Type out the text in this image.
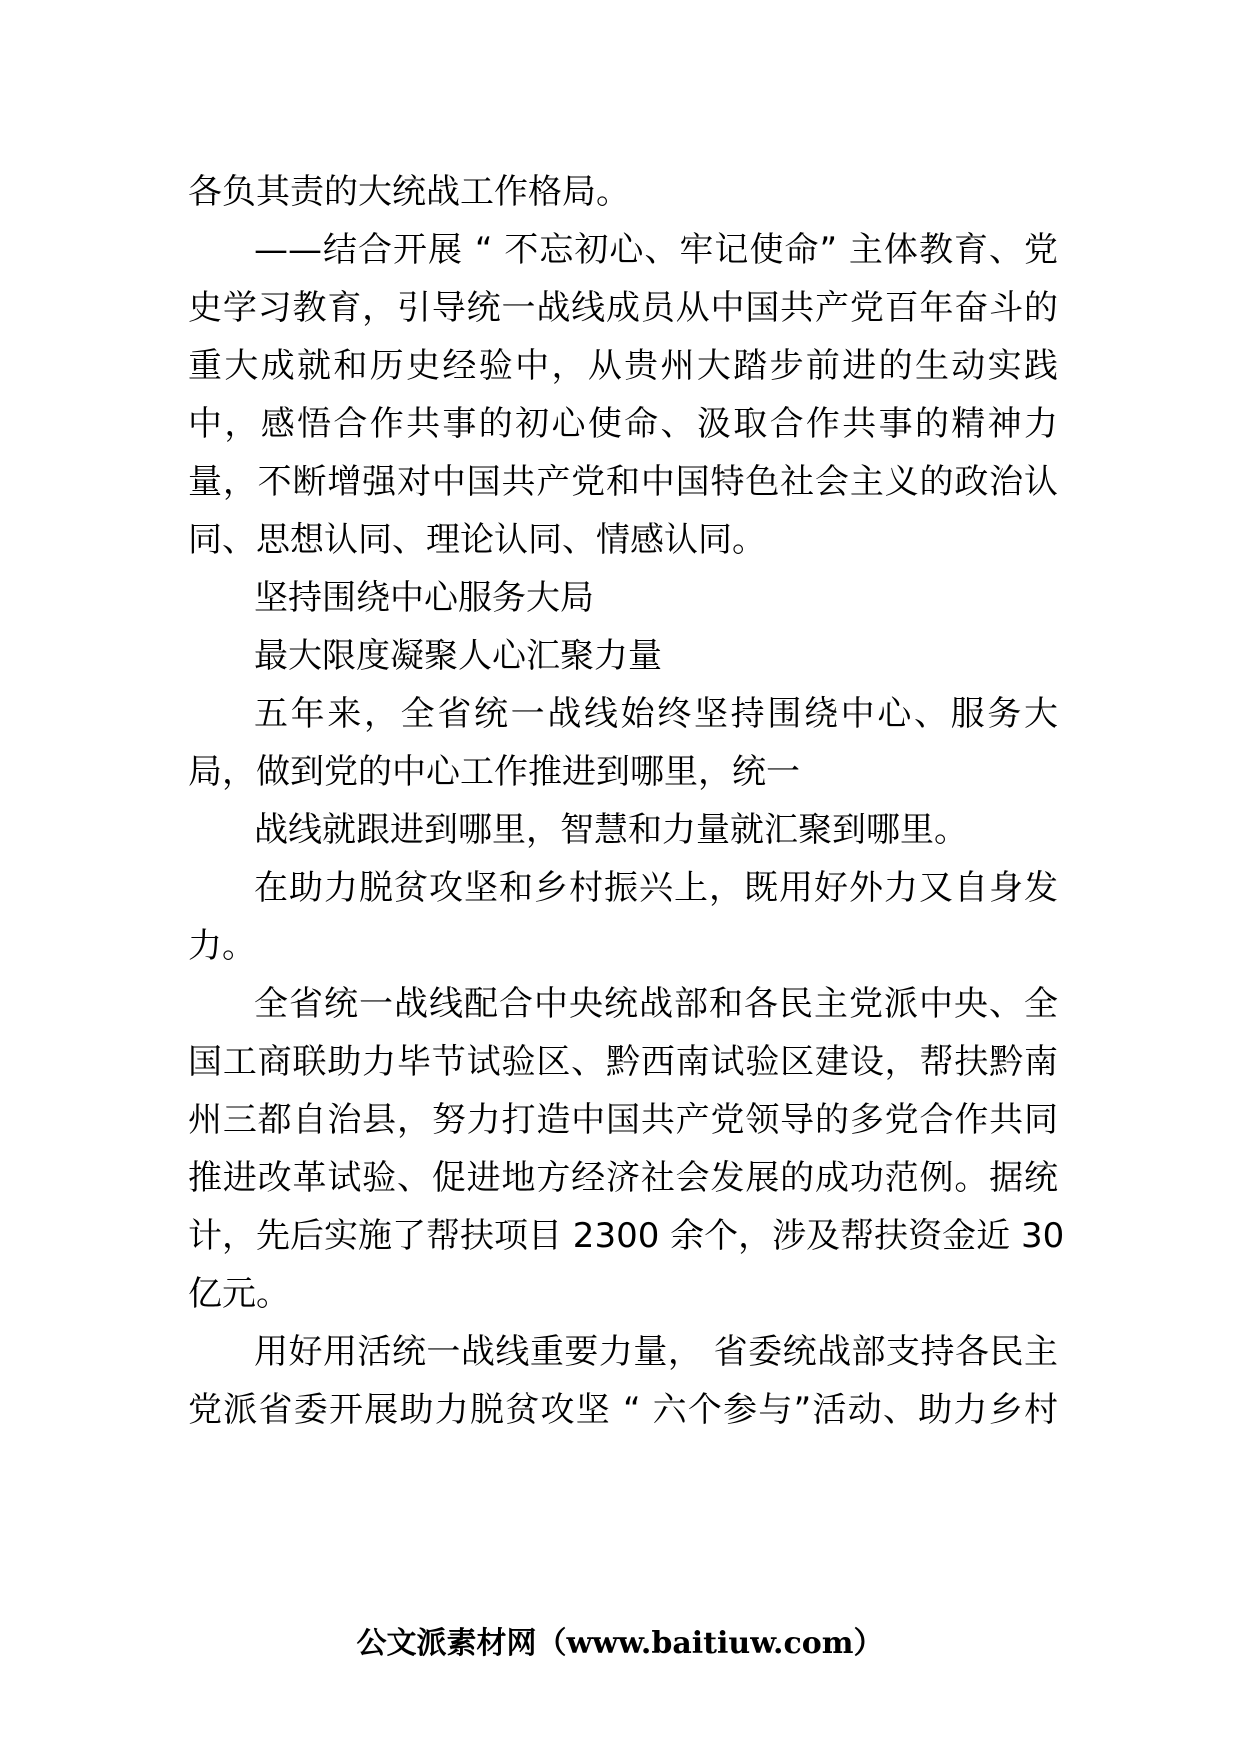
各负其责的大统战工作格局。
——结合开展 “ 不忘初心、牢记使命” 主体教育、党
史学习教育，引导统一战线成员从中国共产党百年奋斗的
重大成就和历史经验中，从贵州大踏步前进的生动实践
中，感悟合作共事的初心使命、汲取合作共事的精神力
量，不断增强对中国共产党和中国特色社会主义的政治认
同、思想认同、理论认同、情感认同。
坚持围绕中心服务大局
最大限度凝聚人心汇聚力量
五年来，全省统一战线始终坚持围绕中心、服务大
局，做到党的中心工作推进到哪里，统一
战线就跟进到哪里，智慧和力量就汇聚到哪里。
在助力脱贫攻坚和乡村振兴上，既用好外力又自身发
力。
全省统一战线配合中央统战部和各民主党派中央、全
国工商联助力毕节试验区、黔西南试验区建设，帮扶黔南
州三都自治县，努力打造中国共产党领导的多党合作共同
推进改革试验、促进地方经济社会发展的成功范例。据统
计，先后实施了帮扶项目 2300 余个，涉及帮扶资金近 30
亿元。
用好用活统一战线重要力量， 省委统战部支持各民主
党派省委开展助力脱贫攻坚 “ 六个参与”活动、助力乡村
公文派素材网（www.baitiuw.com）
